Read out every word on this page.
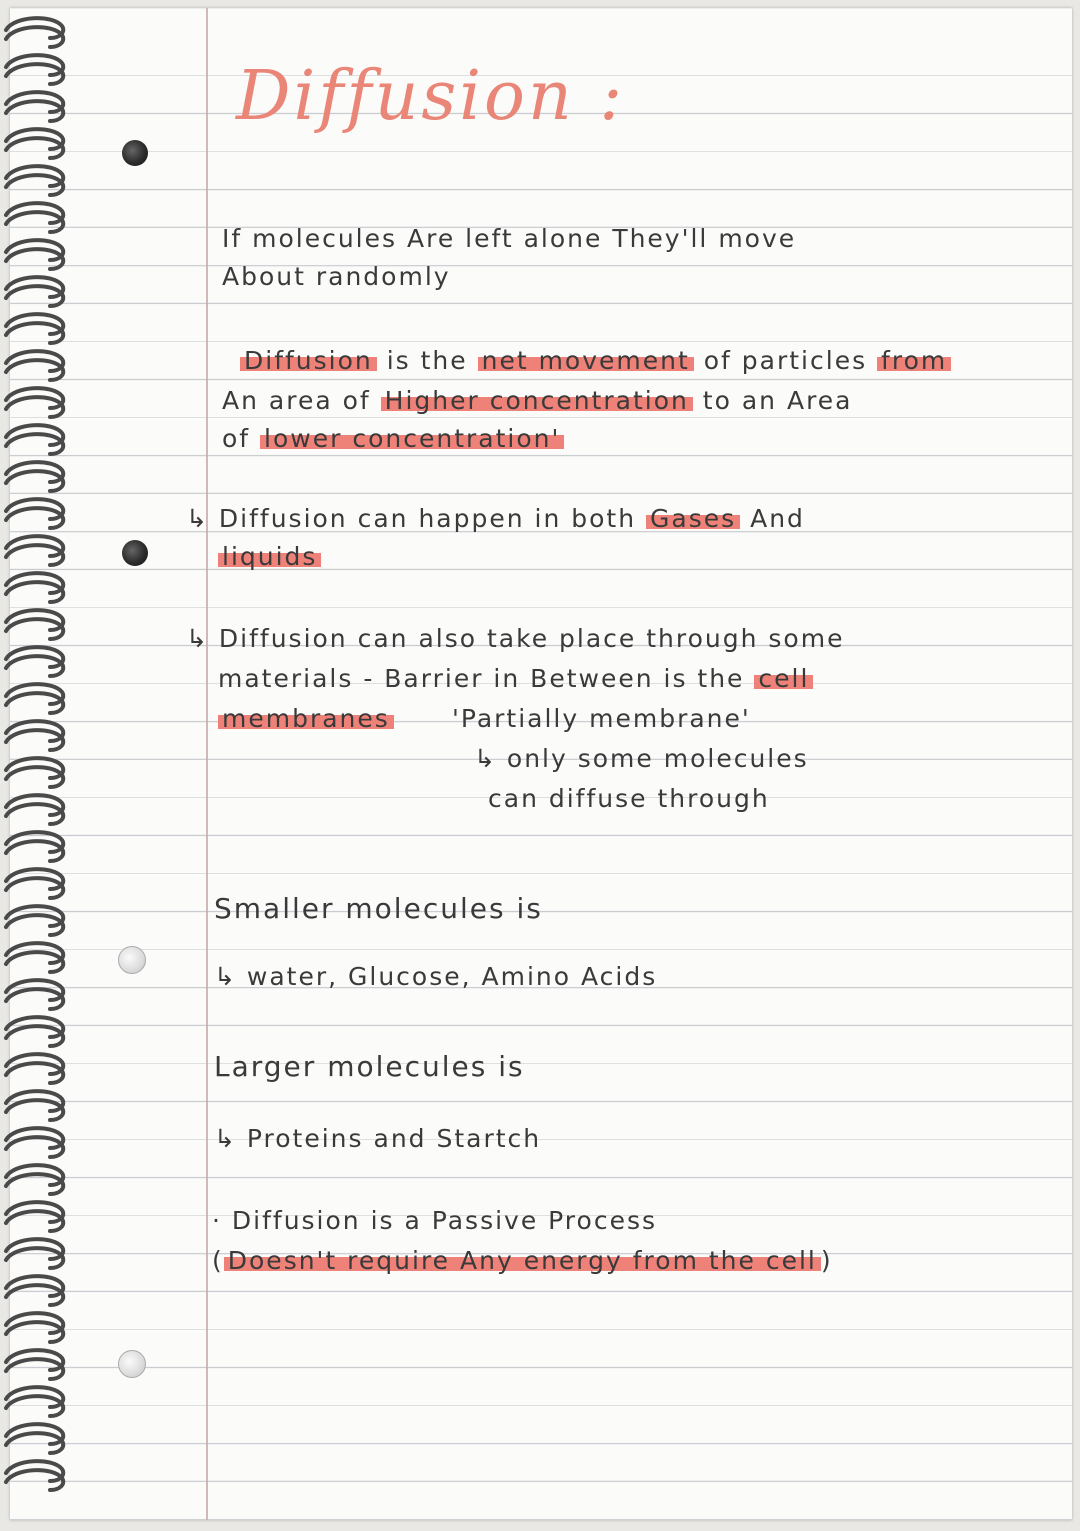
Diffusion :
If molecules Are left alone They'll move
About randomly
Diffusion is the net movement of particles from
An area of Higher concentration to an Area
of lower concentration'
↳ Diffusion can happen in both Gases And
liquids
↳ Diffusion can also take place through some
materials - Barrier in Between is the cell
membranes 'Partially membrane'
↳ only some molecules
can diffuse through
Smaller molecules is
↳ water, Glucose, Amino Acids
Larger molecules is
↳ Proteins and Startch
· Diffusion is a Passive Process
( Doesn't require Any energy from the cell )
